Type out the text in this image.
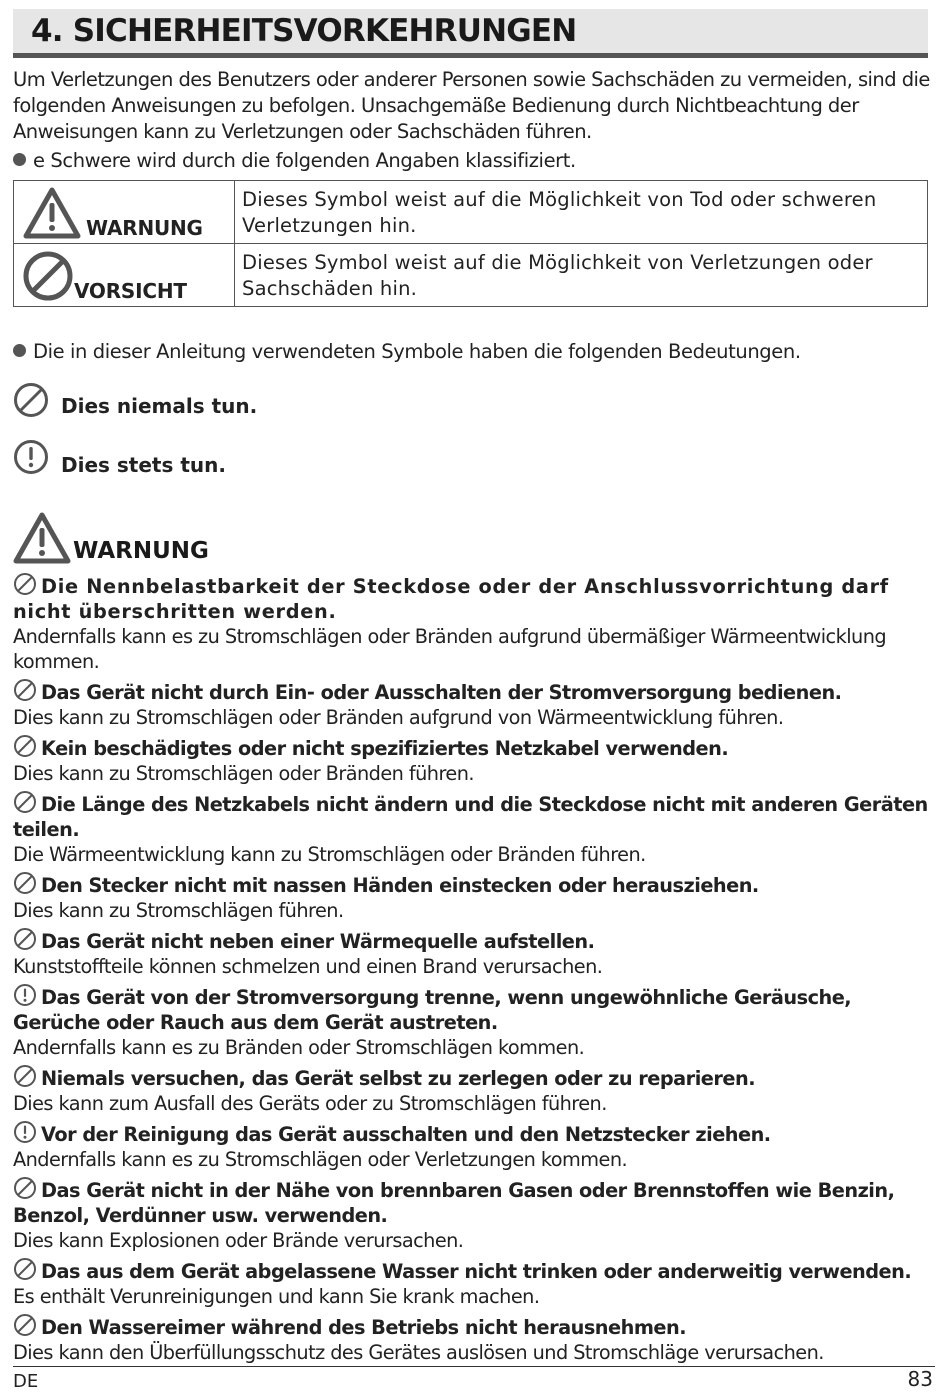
4. SICHERHEITSVORKEHRUNGEN
Um Verletzungen des Benutzers oder anderer Personen sowie Sachschäden zu vermeiden, sind die folgenden Anweisungen zu befolgen. Unsachgemäße Bedienung durch Nichtbeachtung der Anweisungen kann zu Verletzungen oder Sachschäden führen.
e Schwere wird durch die folgenden Angaben klassifiziert.
WARNUNG	Dieses Symbol weist auf die Möglichkeit von Tod oder schweren Verletzungen hin.

VORSICHT	Dieses Symbol weist auf die Möglichkeit von Verletzungen oder Sachschäden hin.
Die in dieser Anleitung verwendeten Symbole haben die folgenden Bedeutungen.
Dies niemals tun.
Dies stets tun.
WARNUNG
Die Nennbelastbarkeit der Steckdose oder der Anschlussvorrichtung darf nicht überschritten werden.
Andernfalls kann es zu Stromschlägen oder Bränden aufgrund übermäßiger Wärmeentwicklung kommen.
Das Gerät nicht durch Ein- oder Ausschalten der Stromversorgung bedienen.
Dies kann zu Stromschlägen oder Bränden aufgrund von Wärmeentwicklung führen.
Kein beschädigtes oder nicht spezifiziertes Netzkabel verwenden.
Dies kann zu Stromschlägen oder Bränden führen.
Die Länge des Netzkabels nicht ändern und die Steckdose nicht mit anderen Geräten teilen.
Die Wärmeentwicklung kann zu Stromschlägen oder Bränden führen.
Den Stecker nicht mit nassen Händen einstecken oder herausziehen.
Dies kann zu Stromschlägen führen.
Das Gerät nicht neben einer Wärmequelle aufstellen.
Kunststoffteile können schmelzen und einen Brand verursachen.
Das Gerät von der Stromversorgung trenne, wenn ungewöhnliche Geräusche, Gerüche oder Rauch aus dem Gerät austreten.
Andernfalls kann es zu Bränden oder Stromschlägen kommen.
Niemals versuchen, das Gerät selbst zu zerlegen oder zu reparieren.
Dies kann zum Ausfall des Geräts oder zu Stromschlägen führen.
Vor der Reinigung das Gerät ausschalten und den Netzstecker ziehen.
Andernfalls kann es zu Stromschlägen oder Verletzungen kommen.
Das Gerät nicht in der Nähe von brennbaren Gasen oder Brennstoffen wie Benzin, Benzol, Verdünner usw. verwenden.
Dies kann Explosionen oder Brände verursachen.
Das aus dem Gerät abgelassene Wasser nicht trinken oder anderweitig verwenden.
Es enthält Verunreinigungen und kann Sie krank machen.
Den Wassereimer während des Betriebs nicht herausnehmen.
Dies kann den Überfüllungsschutz des Gerätes auslösen und Stromschläge verursachen.
DE	83
